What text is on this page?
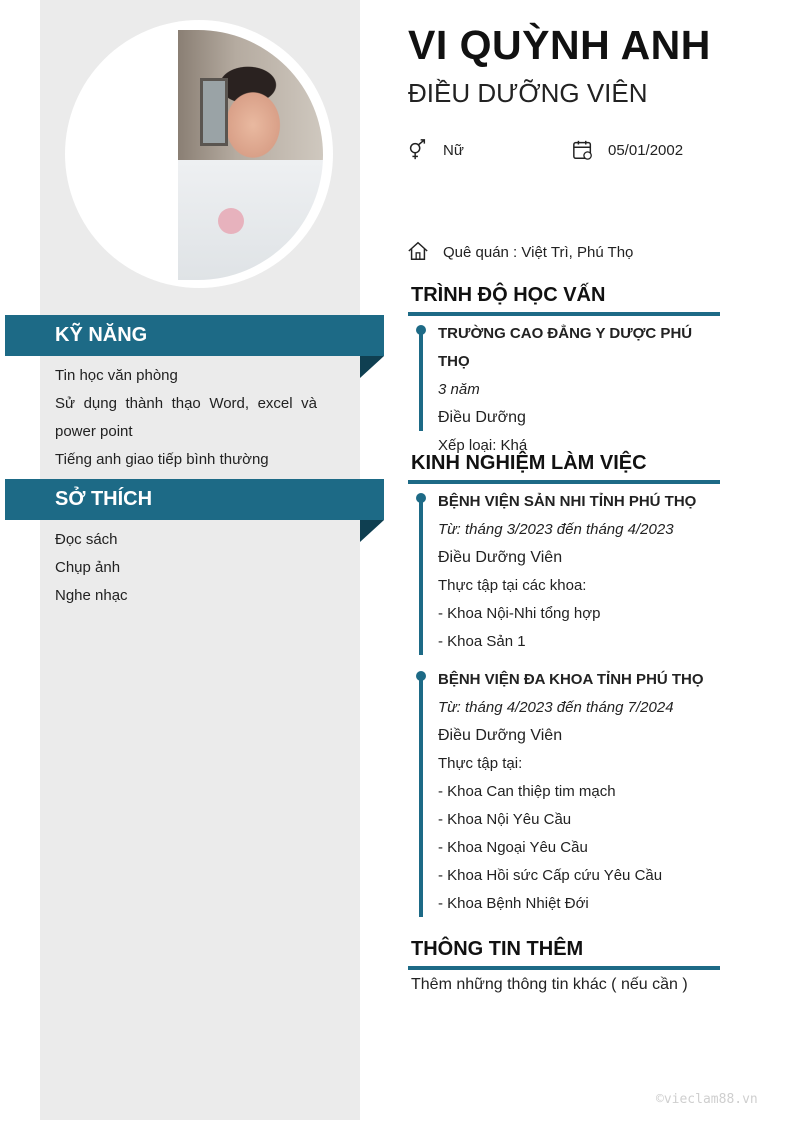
KỸ NĂNG
Tin học văn phòng
Sử dụng thành thạo Word, excel và power point
Tiếng anh giao tiếp bình thường
SỞ THÍCH
Đọc sách
Chụp ảnh
Nghe nhạc
VI QUỲNH ANH
ĐIỀU DƯỠNG VIÊN
Nữ	05/01/2002
Quê quán : Việt Trì, Phú Thọ
TRÌNH ĐỘ HỌC VẤN
TRƯỜNG CAO ĐẲNG Y DƯỢC PHÚ THỌ
3 năm
Điều Dưỡng
Xếp loại: Khá
KINH NGHIỆM LÀM VIỆC
BỆNH VIỆN SẢN NHI TỈNH PHÚ THỌ
Từ: tháng 3/2023 đến tháng 4/2023
Điều Dưỡng Viên
Thực tập tại các khoa:
- Khoa Nội-Nhi tổng hợp
- Khoa Sản 1
BỆNH VIỆN ĐA KHOA TỈNH PHÚ THỌ
Từ: tháng 4/2023 đến tháng 7/2024
Điều Dưỡng Viên
Thực tập tại:
- Khoa Can thiệp tim mạch
- Khoa Nội Yêu Cầu
- Khoa Ngoại Yêu Cầu
- Khoa Hồi sức Cấp cứu Yêu Cầu
- Khoa Bệnh Nhiệt Đới
THÔNG TIN THÊM
Thêm những thông tin khác ( nếu cần )
©vieclam88.vn
